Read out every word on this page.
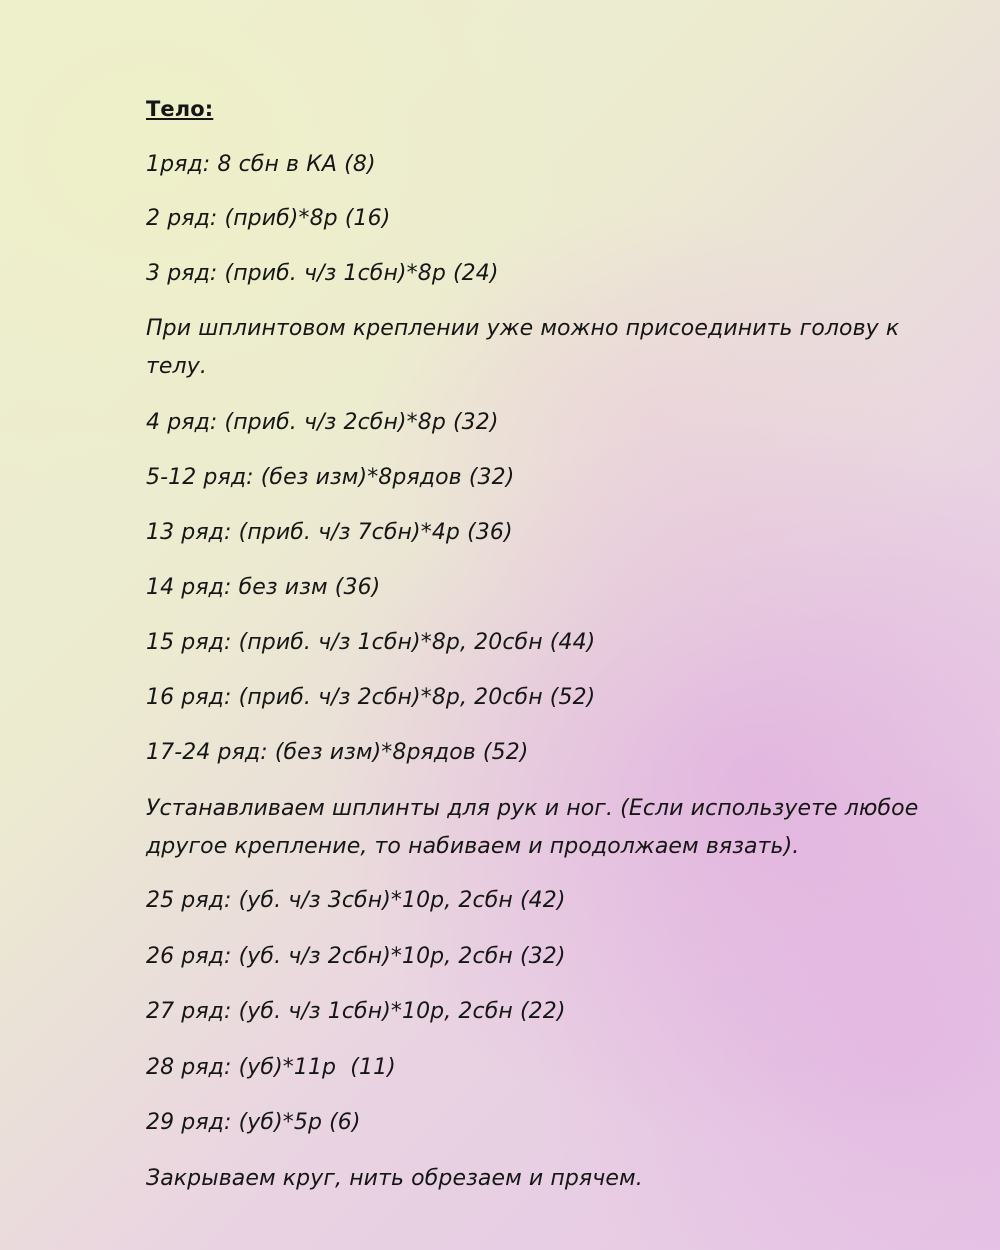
Тело:
1ряд: 8 сбн в КА (8)
2 ряд: (приб)*8р (16)
3 ряд: (приб. ч/з 1сбн)*8р (24)
При шплинтовом креплении уже можно присоединить голову к телу.
4 ряд: (приб. ч/з 2сбн)*8р (32)
5-12 ряд: (без изм)*8рядов (32)
13 ряд: (приб. ч/з 7сбн)*4р (36)
14 ряд: без изм (36)
15 ряд: (приб. ч/з 1сбн)*8р, 20сбн (44)
16 ряд: (приб. ч/з 2сбн)*8р, 20сбн (52)
17-24 ряд: (без изм)*8рядов (52)
Устанавливаем шплинты для рук и ног. (Если используете любое другое крепление, то набиваем и продолжаем вязать).
25 ряд: (уб. ч/з 3сбн)*10р, 2сбн (42)
26 ряд: (уб. ч/з 2сбн)*10р, 2сбн (32)
27 ряд: (уб. ч/з 1сбн)*10р, 2сбн (22)
28 ряд: (уб)*11р  (11)
29 ряд: (уб)*5р (6)
Закрываем круг, нить обрезаем и прячем.
